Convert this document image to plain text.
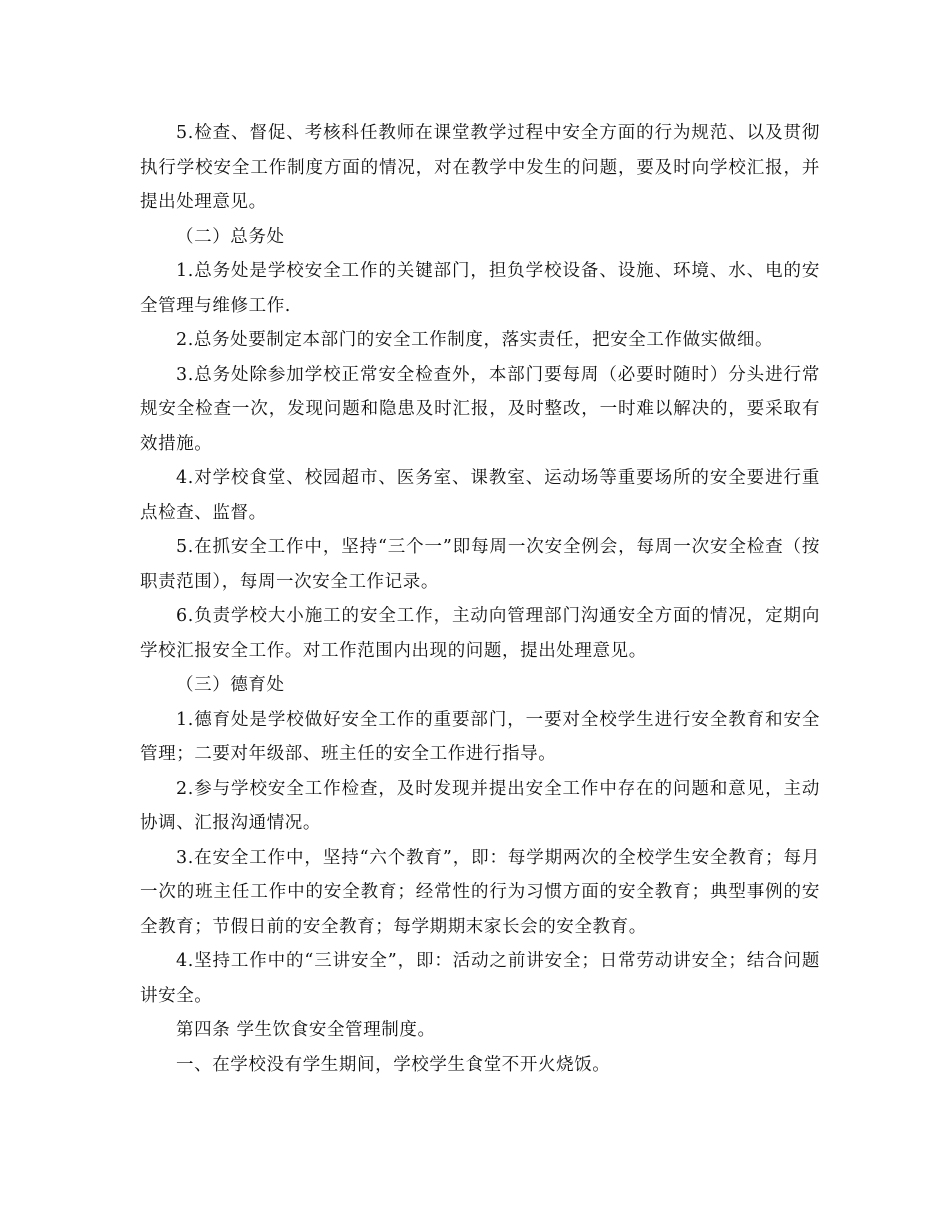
5.检查、督促、考核科任教师在课堂教学过程中安全方面的行为规范、以及贯彻执行学校安全工作制度方面的情况，对在教学中发生的问题，要及时向学校汇报，并提出处理意见。

（二）总务处

1.总务处是学校安全工作的关键部门，担负学校设备、设施、环境、水、电的安全管理与维修工作.

2.总务处要制定本部门的安全工作制度，落实责任，把安全工作做实做细。

3.总务处除参加学校正常安全检查外，本部门要每周（必要时随时）分头进行常规安全检查一次，发现问题和隐患及时汇报，及时整改，一时难以解决的，要采取有效措施。

4.对学校食堂、校园超市、医务室、课教室、运动场等重要场所的安全要进行重点检查、监督。

5.在抓安全工作中，坚持“三个一”即每周一次安全例会，每周一次安全检查（按职责范围），每周一次安全工作记录。

6.负责学校大小施工的安全工作，主动向管理部门沟通安全方面的情况，定期向学校汇报安全工作。对工作范围内出现的问题，提出处理意见。

（三）德育处

1.德育处是学校做好安全工作的重要部门，一要对全校学生进行安全教育和安全管理；二要对年级部、班主任的安全工作进行指导。

2.参与学校安全工作检查，及时发现并提出安全工作中存在的问题和意见，主动协调、汇报沟通情况。

3.在安全工作中，坚持“六个教育”，即：每学期两次的全校学生安全教育；每月一次的班主任工作中的安全教育；经常性的行为习惯方面的安全教育；典型事例的安全教育；节假日前的安全教育；每学期期末家长会的安全教育。

4.坚持工作中的“三讲安全”，即：活动之前讲安全；日常劳动讲安全；结合问题讲安全。

第四条 学生饮食安全管理制度。

一、在学校没有学生期间，学校学生食堂不开火烧饭。
